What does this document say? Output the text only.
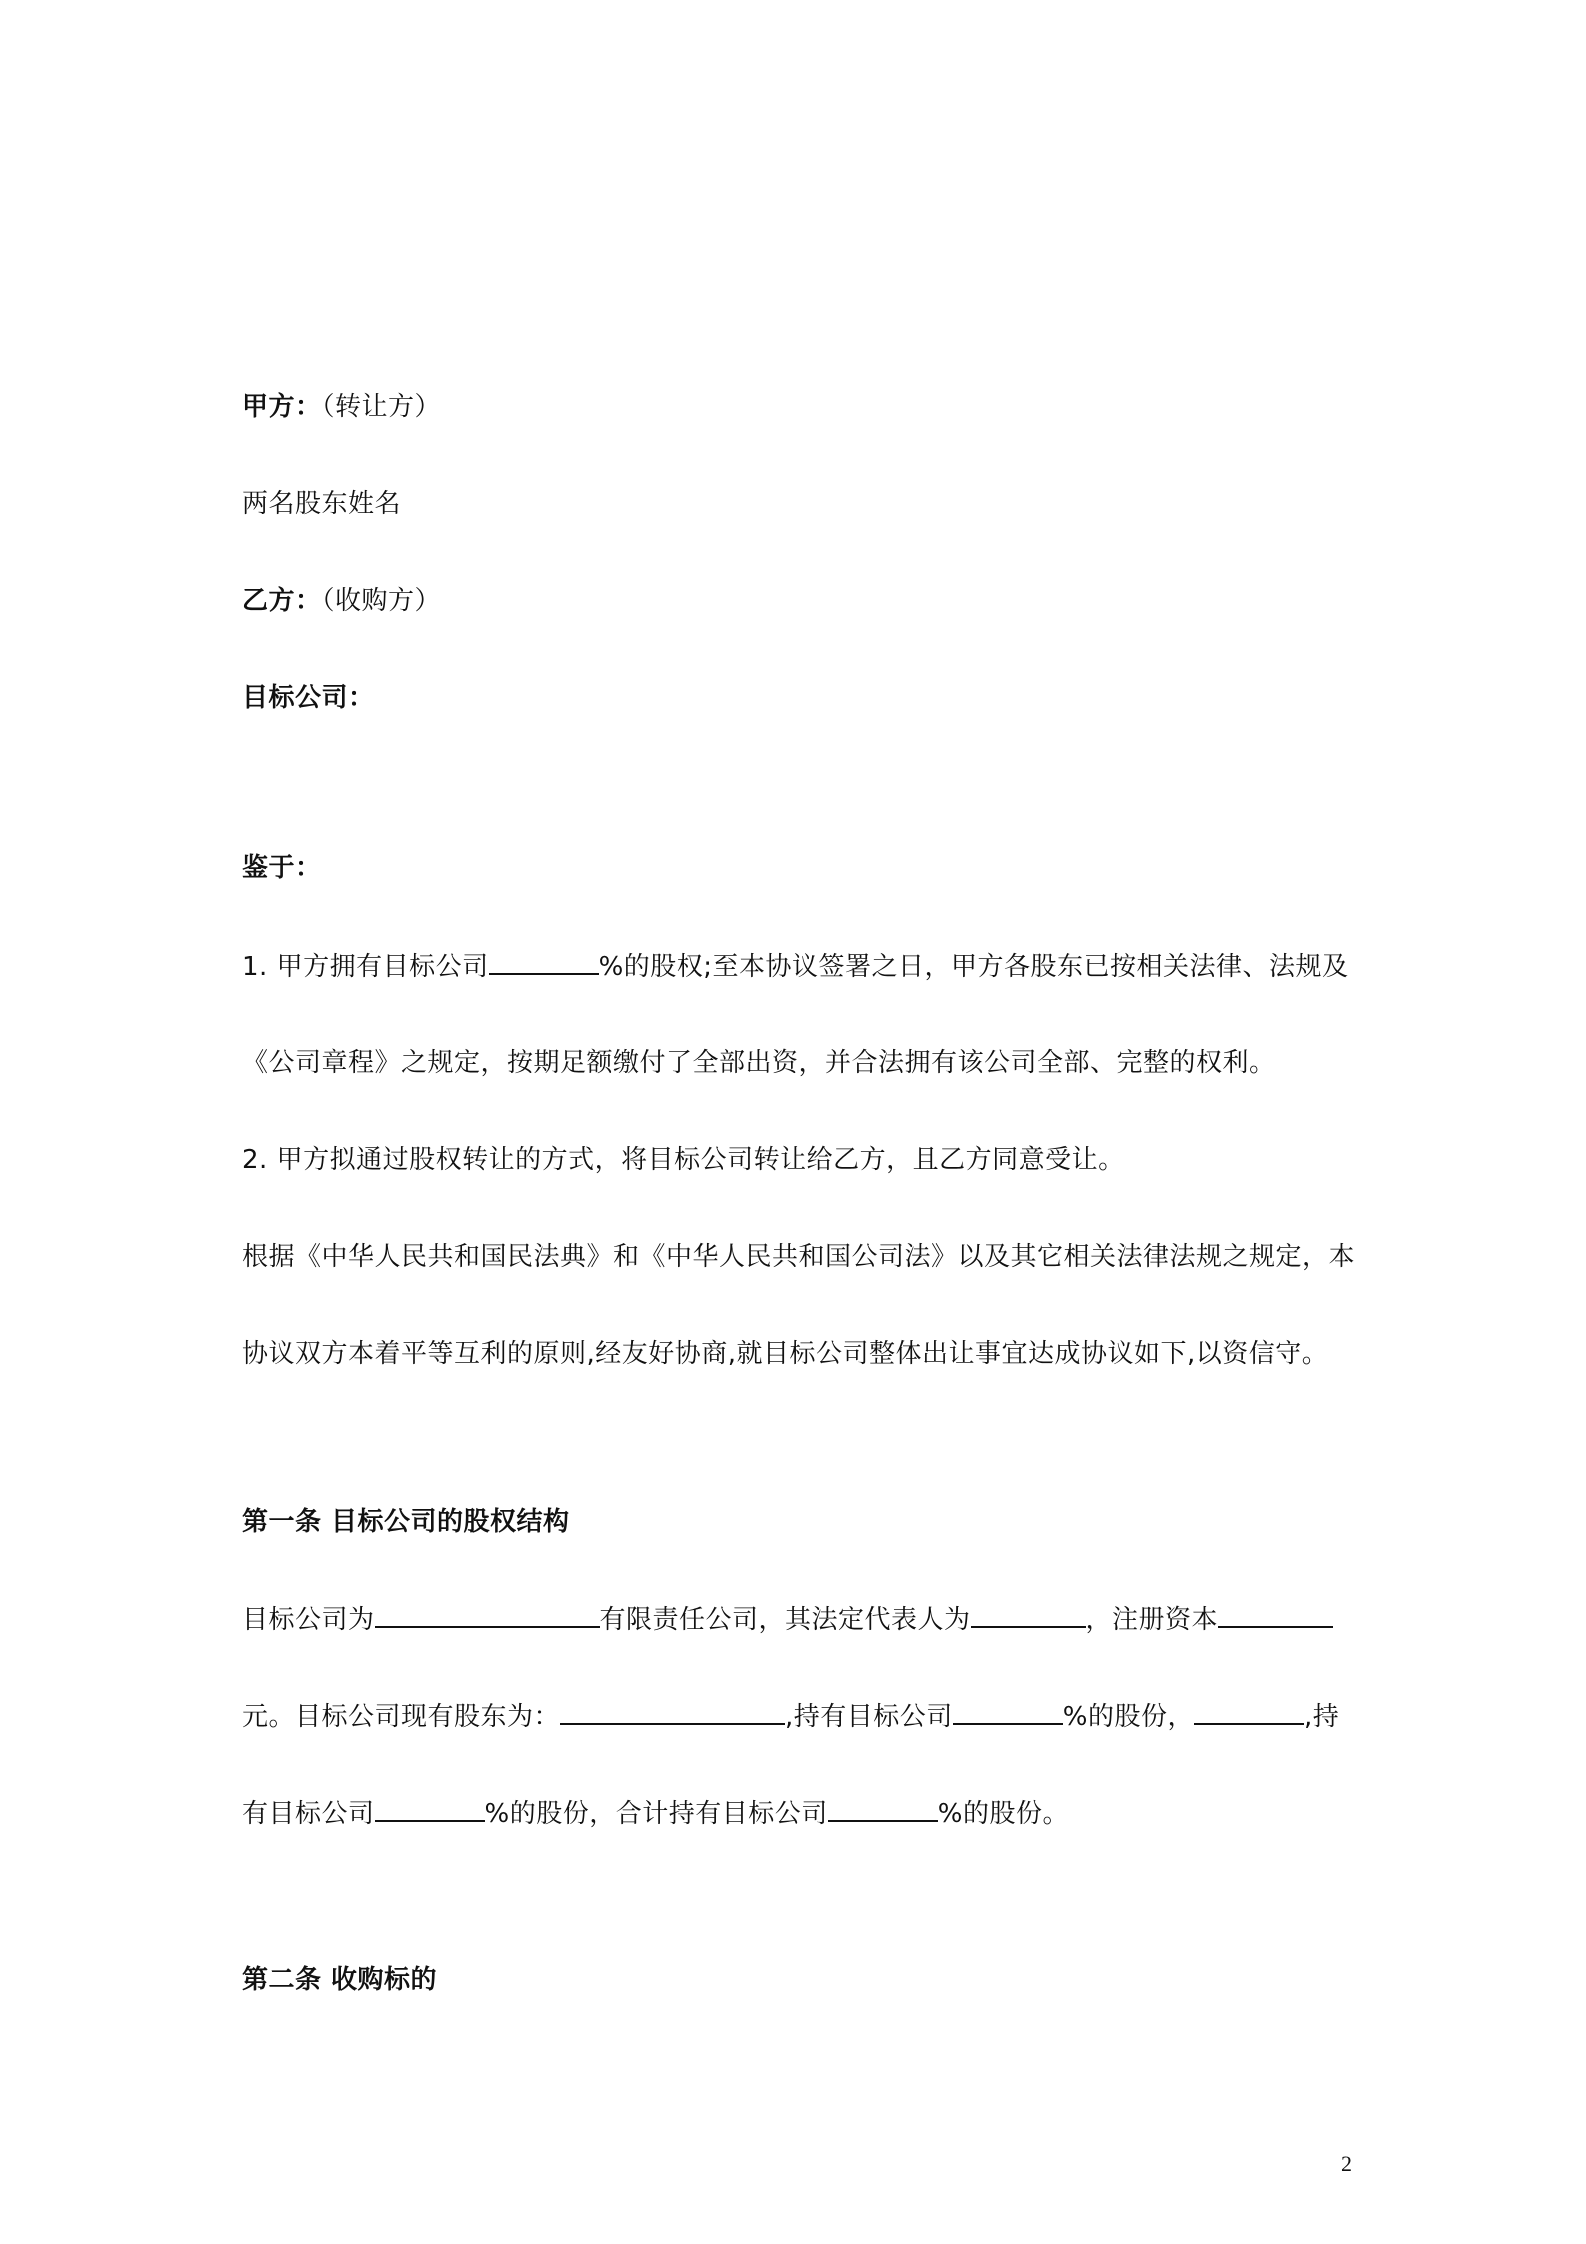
甲方：（转让方）
两名股东姓名
乙方：（收购方）
目标公司：
鉴于：
1. 甲方拥有目标公司	%的股权;至本协议签署之日，甲方各股东已按相关法律、法规及
《公司章程》之规定，按期足额缴付了全部出资，并合法拥有该公司全部、完整的权利。
2. 甲方拟通过股权转让的方式，将目标公司转让给乙方，且乙方同意受让。
根据《中华人民共和国民法典》和《中华人民共和国公司法》以及其它相关法律法规之规定，本
协议双方本着平等互利的原则,经友好协商,就目标公司整体出让事宜达成协议如下,以资信守。
第一条 目标公司的股权结构
目标公司为	有限责任公司，其法定代表人为	，注册资本
元。目标公司现有股东为：	,持有目标公司	%的股份，	,持
有目标公司	%的股份，合计持有目标公司	%的股份。
第二条 收购标的
2
